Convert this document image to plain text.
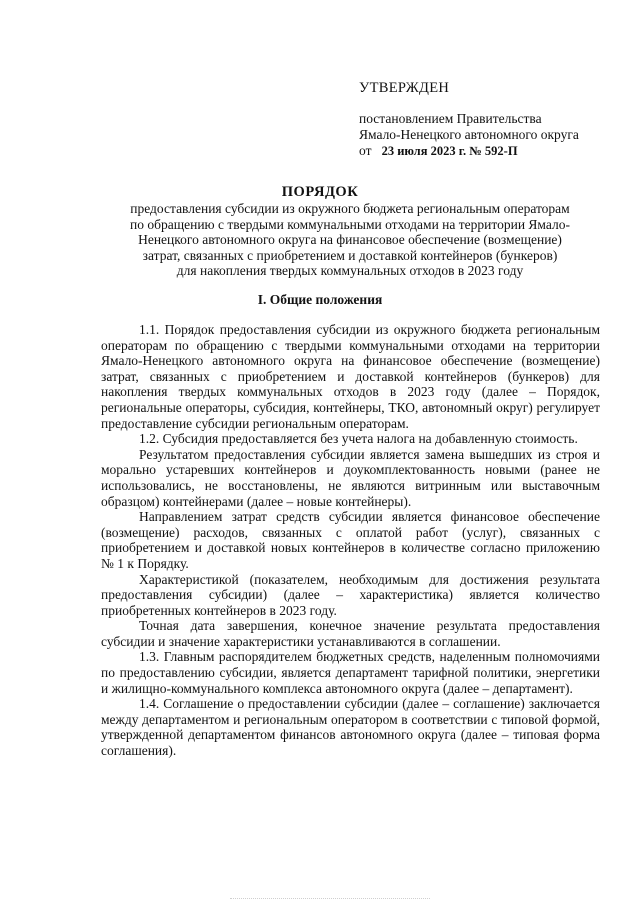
УТВЕРЖДЕН
постановлением Правительства
Ямало-Ненецкого автономного округа
от 23 июля 2023 г. № 592-П
ПОРЯДОК
предоставления субсидии из окружного бюджета региональным операторам
по обращению с твердыми коммунальными отходами на территории Ямало-
Ненецкого автономного округа на финансовое обеспечение (возмещение)
затрат, связанных с приобретением и доставкой контейнеров (бункеров)
для накопления твердых коммунальных отходов в 2023 году
I. Общие положения

1.1. Порядок предоставления субсидии из окружного бюджета региональным операторам по обращению с твердыми коммунальными отходами на территории Ямало-Ненецкого автономного округа на финансовое обеспечение (возмещение) затрат, связанных с приобретением и доставкой контейнеров (бункеров) для накопления твердых коммунальных отходов в 2023 году (далее – Порядок, региональные операторы, субсидия, контейнеры, ТКО, автономный округ) регулирует предоставление субсидии региональным операторам.

1.2. Субсидия предоставляется без учета налога на добавленную стоимость.

Результатом предоставления субсидии является замена вышедших из строя и морально устаревших контейнеров и доукомплектованность новыми (ранее не использовались, не восстановлены, не являются витринным или выставочным образцом) контейнерами (далее – новые контейнеры).

Направлением затрат средств субсидии является финансовое обеспечение (возмещение) расходов, связанных с оплатой работ (услуг), связанных с приобретением и доставкой новых контейнеров в количестве согласно приложению № 1 к Порядку.

Характеристикой (показателем, необходимым для достижения результата предоставления субсидии) (далее – характеристика) является количество приобретенных контейнеров в 2023 году.

Точная дата завершения, конечное значение результата предоставления субсидии и значение характеристики устанавливаются в соглашении.

1.3. Главным распорядителем бюджетных средств, наделенным полномочиями по предоставлению субсидии, является департамент тарифной политики, энергетики и жилищно-коммунального комплекса автономного округа (далее – департамент).

1.4. Соглашение о предоставлении субсидии (далее – соглашение) заключается между департаментом и региональным оператором в соответствии с типовой формой, утвержденной департаментом финансов автономного округа (далее – типовая форма соглашения).
